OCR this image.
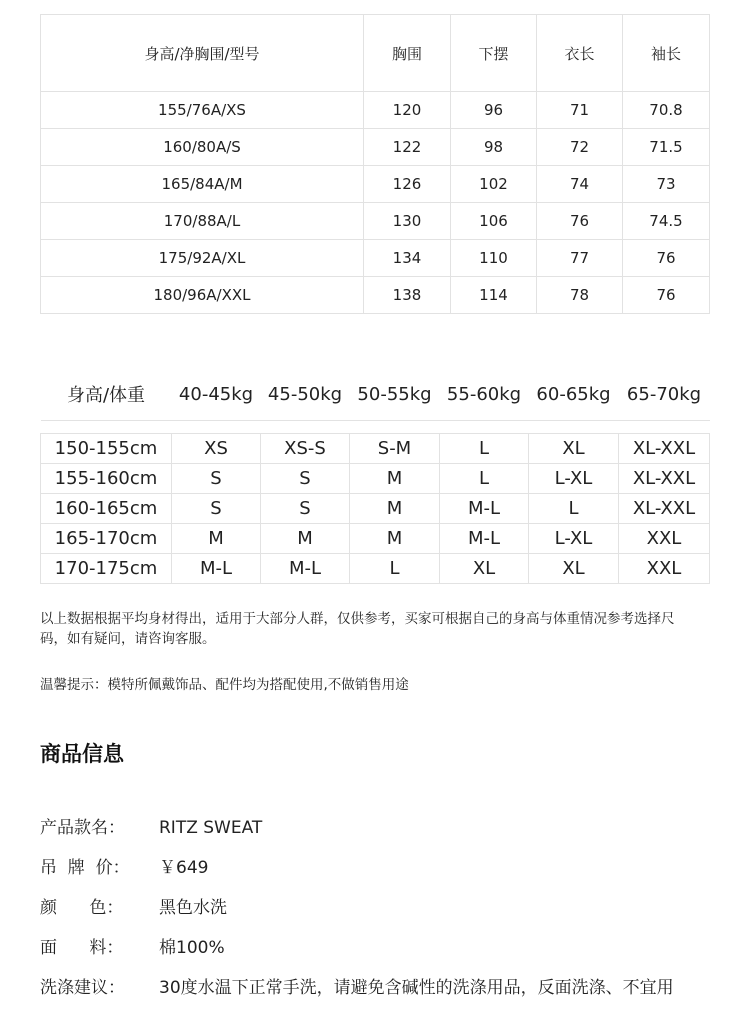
身高/净胸围/型号	胸围	下摆	衣长	袖长
155/76A/XS	120	96	71	70.8
160/80A/S	122	98	72	71.5
165/84A/M	126	102	74	73
170/88A/L	130	106	76	74.5
175/92A/XL	134	110	77	76
180/96A/XXL	138	114	78	76
身高/体重	40-45kg	45-50kg	50-55kg	55-60kg	60-65kg	65-70kg

150-155cm	XS	XS-S	S-M	L	XL	XL-XXL
155-160cm	S	S	M	L	L-XL	XL-XXL
160-165cm	S	S	M	M-L	L	XL-XXL
165-170cm	M	M	M	M-L	L-XL	XXL
170-175cm	M-L	M-L	L	XL	XL	XXL
以上数据根据平均身材得出，适用于大部分人群，仅供参考，买家可根据自己的身高与体重情况参考选择尺码，如有疑问，请咨询客服。
温馨提示：模特所佩戴饰品、配件均为搭配使用,不做销售用途
商品信息
产品款名：	RITZ SWEAT
吊  牌  价：	￥649
颜      色：	黑色水洗
面      料：	棉100%
洗涤建议：	30度水温下正常手洗，请避免含碱性的洗涤用品，反面洗涤、不宜用
